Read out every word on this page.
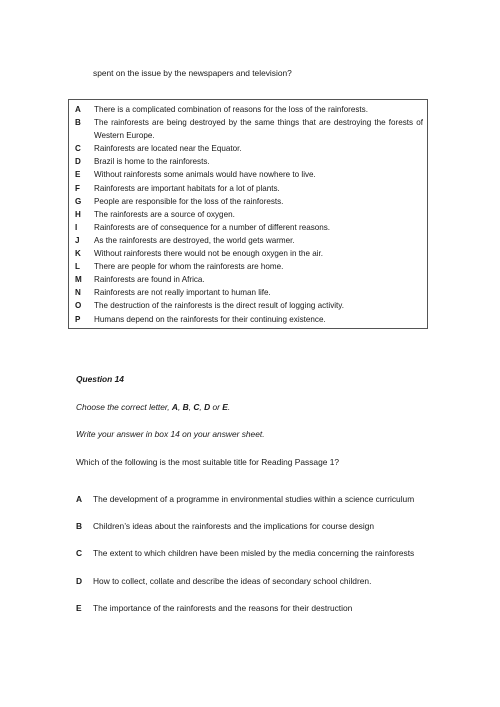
spent on the issue by the newspapers and television?
A	There is a complicated combination of reasons for the loss of the rainforests.
B	The rainforests are being destroyed by the same things that are destroying the forests of Western Europe.
C	Rainforests are located near the Equator.
D	Brazil is home to the rainforests.
E	Without rainforests some animals would have nowhere to live.
F	Rainforests are important habitats for a lot of plants.
G	People are responsible for the loss of the rainforests.
H	The rainforests are a source of oxygen.
I	Rainforests are of consequence for a number of different reasons.
J	As the rainforests are destroyed, the world gets warmer.
K	Without rainforests there would not be enough oxygen in the air.
L	There are people for whom the rainforests are home.
M	Rainforests are found in Africa.
N	Rainforests are not really important to human life.
O	The destruction of the rainforests is the direct result of logging activity.
P	Humans depend on the rainforests for their continuing existence.
Question 14
Choose the correct letter, A, B, C, D or E.
Write your answer in box 14 on your answer sheet.
Which of the following is the most suitable title for Reading Passage 1?
A	The development of a programme in environmental studies within a science curriculum
B	Children’s ideas about the rainforests and the implications for course design
C	The extent to which children have been misled by the media concerning the rainforests
D	How to collect, collate and describe the ideas of secondary school children.
E	The importance of the rainforests and the reasons for their destruction
